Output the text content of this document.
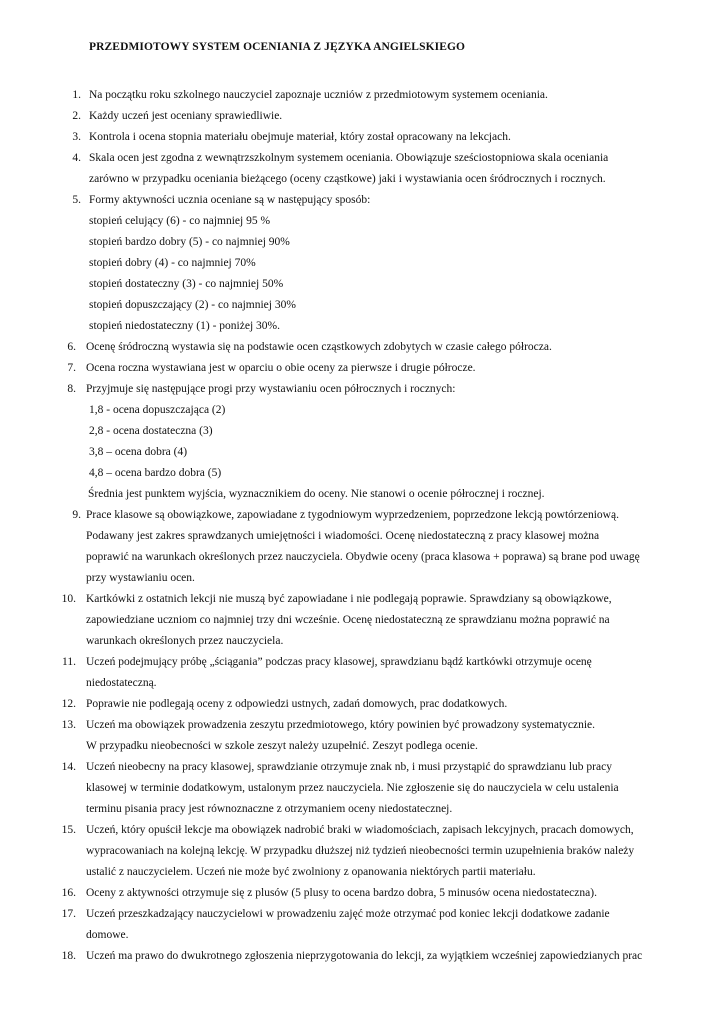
PRZEDMIOTOWY SYSTEM OCENIANIA Z JĘZYKA ANGIELSKIEGO
1. Na początku roku szkolnego nauczyciel zapoznaje uczniów z przedmiotowym systemem oceniania.
2. Każdy uczeń jest oceniany sprawiedliwie.
3. Kontrola i ocena stopnia materiału obejmuje materiał, który został opracowany na lekcjach.
4. Skala ocen jest zgodna z wewnątrzszkolnym systemem oceniania. Obowiązuje sześciostopniowa skala oceniania
zarówno w przypadku oceniania bieżącego (oceny cząstkowe) jaki i wystawiania ocen śródrocznych i rocznych.
5. Formy aktywności ucznia oceniane są w następujący sposób:
stopień celujący (6) - co najmniej 95 %
stopień bardzo dobry (5) - co najmniej 90%
stopień dobry (4) - co najmniej 70%
stopień dostateczny (3) - co najmniej 50%
stopień dopuszczający (2) - co najmniej 30%
stopień niedostateczny (1) - poniżej 30%.
6. Ocenę śródroczną wystawia się na podstawie ocen cząstkowych zdobytych w czasie całego półrocza.
7. Ocena roczna wystawiana jest w oparciu o obie oceny za pierwsze i drugie półrocze.
8. Przyjmuje się następujące progi przy wystawianiu ocen półrocznych i rocznych:
1,8 - ocena dopuszczająca (2)
2,8 - ocena dostateczna (3)
3,8 – ocena dobra (4)
4,8 – ocena bardzo dobra (5)
Średnia jest punktem wyjścia, wyznacznikiem do oceny. Nie stanowi o ocenie półrocznej i rocznej.
9. Prace klasowe są obowiązkowe, zapowiadane z tygodniowym wyprzedzeniem, poprzedzone lekcją powtórzeniową.
Podawany jest zakres sprawdzanych umiejętności i wiadomości. Ocenę niedostateczną z pracy klasowej można
poprawić na warunkach określonych przez nauczyciela. Obydwie oceny (praca klasowa + poprawa) są brane pod uwagę
przy wystawianiu ocen.
10. Kartkówki z ostatnich lekcji nie muszą być zapowiadane i nie podlegają poprawie. Sprawdziany są obowiązkowe,
zapowiedziane uczniom co najmniej trzy dni wcześnie. Ocenę niedostateczną ze sprawdzianu można poprawić na
warunkach określonych przez nauczyciela.
11. Uczeń podejmujący próbę „ściągania” podczas pracy klasowej, sprawdzianu bądź kartkówki otrzymuje ocenę
niedostateczną.
12. Poprawie nie podlegają oceny z odpowiedzi ustnych, zadań domowych, prac dodatkowych.
13. Uczeń ma obowiązek prowadzenia zeszytu przedmiotowego, który powinien być prowadzony systematycznie.
W przypadku nieobecności w szkole zeszyt należy uzupełnić. Zeszyt podlega ocenie.
14. Uczeń nieobecny na pracy klasowej, sprawdzianie otrzymuje znak nb, i musi przystąpić do sprawdzianu lub pracy
klasowej w terminie dodatkowym, ustalonym przez nauczyciela. Nie zgłoszenie się do nauczyciela w celu ustalenia
terminu pisania pracy jest równoznaczne z otrzymaniem oceny niedostatecznej.
15. Uczeń, który opuścił lekcje ma obowiązek nadrobić braki w wiadomościach, zapisach lekcyjnych, pracach domowych,
wypracowaniach na kolejną lekcję. W przypadku dłuższej niż tydzień nieobecności termin uzupełnienia braków należy
ustalić z nauczycielem. Uczeń nie może być zwolniony z opanowania niektórych partii materiału.
16. Oceny z aktywności otrzymuje się z plusów (5 plusy to ocena bardzo dobra, 5 minusów ocena niedostateczna).
17. Uczeń przeszkadzający nauczycielowi w prowadzeniu zajęć może otrzymać pod koniec lekcji dodatkowe zadanie
domowe.
18. Uczeń ma prawo do dwukrotnego zgłoszenia nieprzygotowania do lekcji, za wyjątkiem wcześniej zapowiedzianych prac
